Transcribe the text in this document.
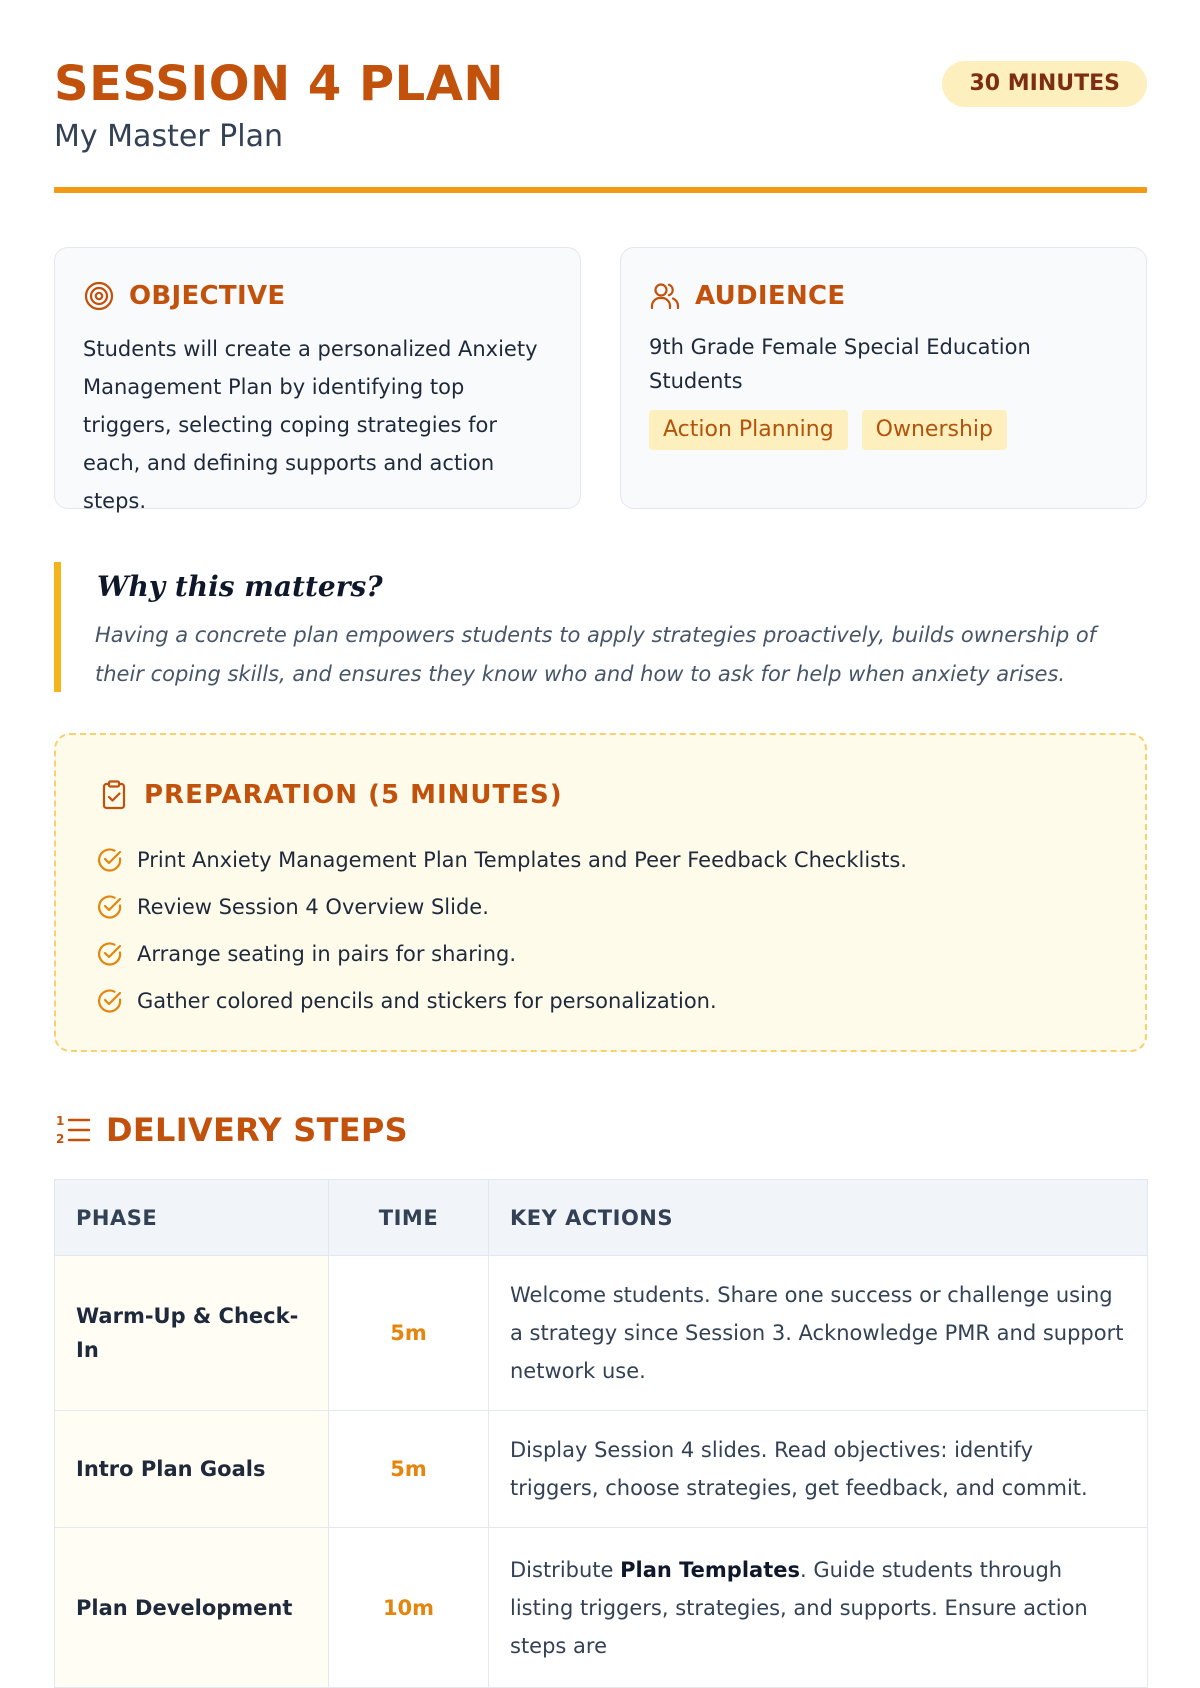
SESSION 4 PLAN
My Master Plan
30 MINUTES
OBJECTIVE
Students will create a personalized Anxiety Management Plan by identifying top triggers, selecting coping strategies for each, and defining supports and action steps.
AUDIENCE
9th Grade Female Special Education Students
Action Planning	Ownership
Why this matters?
Having a concrete plan empowers students to apply strategies proactively, builds ownership of their coping skills, and ensures they know who and how to ask for help when anxiety arises.
PREPARATION (5 MINUTES)
Print Anxiety Management Plan Templates and Peer Feedback Checklists.
Review Session 4 Overview Slide.
Arrange seating in pairs for sharing.
Gather colored pencils and stickers for personalization.
1
2 DELIVERY STEPS
PHASE	TIME	KEY ACTIONS
Warm-Up & Check-In	5m	Welcome students. Share one success or challenge using a strategy since Session 3. Acknowledge PMR and support network use.
Intro Plan Goals	5m	Display Session 4 slides. Read objectives: identify triggers, choose strategies, get feedback, and commit.
Plan Development	10m	Distribute Plan Templates. Guide students through listing triggers, strategies, and supports. Ensure action steps are
